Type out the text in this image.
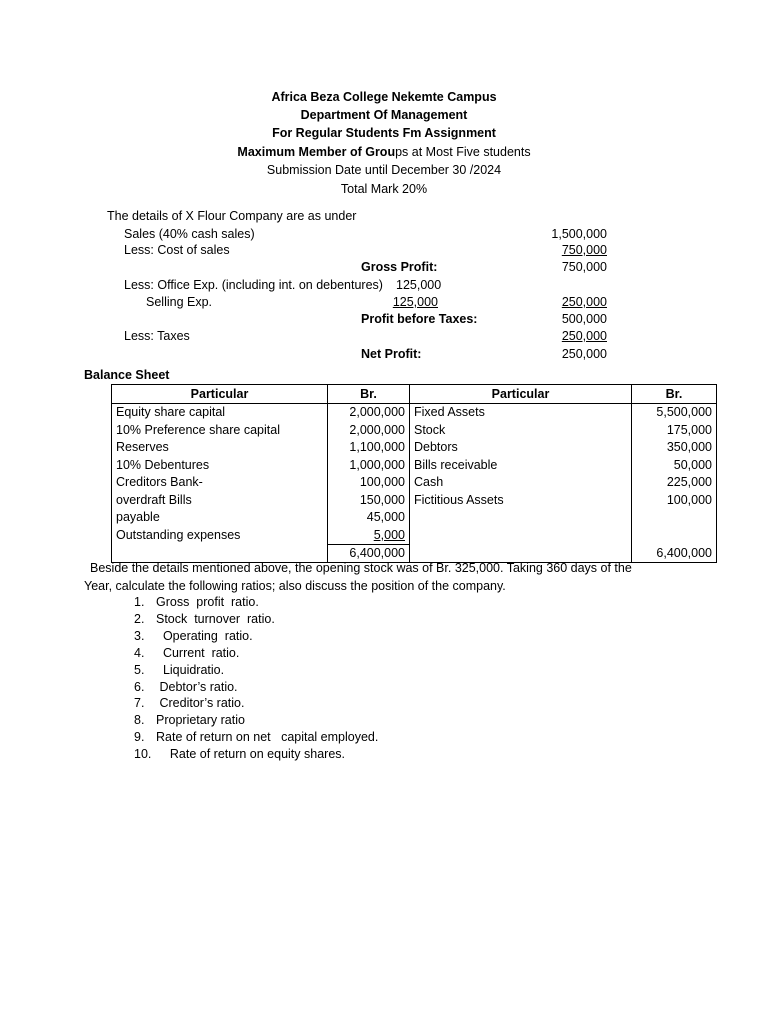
Africa Beza College Nekemte Campus
Department Of Management
For Regular Students Fm Assignment
Maximum Member of Groups at Most Five students
Submission Date until December 30 /2024
Total Mark 20%
The details of X Flour Company are as under
Sales (40% cash sales)	1,500,000
Less: Cost of sales	750,000
Gross Profit:	750,000
Less: Office Exp. (including int. on debentures) 125,000
Selling Exp.	125,000	250,000
Profit before Taxes:	500,000
Less: Taxes	250,000
Net Profit:	250,000
Balance Sheet
Particular	Br.	Particular	Br.
Equity share capital	2,000,000	Fixed Assets	5,500,000
10% Preference share capital	2,000,000	Stock	175,000
Reserves	1,100,000	Debtors	350,000
10% Debentures	1,000,000	Bills receivable	50,000
Creditors Bank-	100,000	Cash	225,000
overdraft Bills	150,000	Fictitious Assets	100,000
payable	45,000		
Outstanding expenses	5,000		
	6,400,000		6,400,000
Beside the details mentioned above, the opening stock was of Br. 325,000. Taking 360 days of the
Year, calculate the following ratios; also discuss the position of the company.
1. Gross  profit  ratio.
2. Stock  turnover  ratio.
3.  Operating  ratio.
4.  Current  ratio.
5.  Liquidratio.
6. Debtor’s ratio.
7. Creditor’s ratio.
8. Proprietary ratio
9. Rate of return on net   capital employed.
10.    Rate of return on equity shares.
